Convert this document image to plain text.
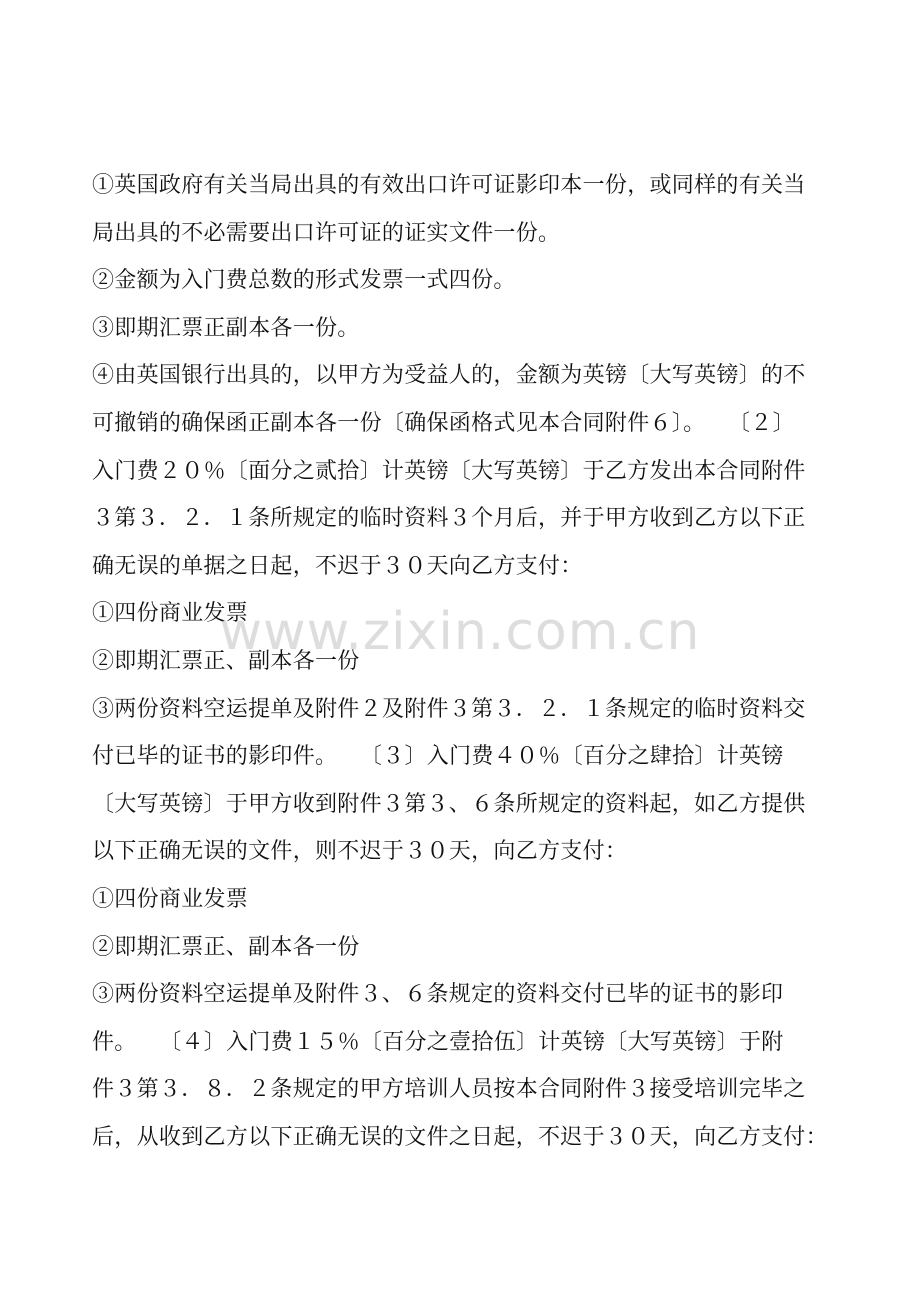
①英国政府有关当局出具的有效出口许可证影印本一份，或同样的有关当
局出具的不必需要出口许可证的证实文件一份。
②金额为入门费总数的形式发票一式四份。
③即期汇票正副本各一份。
④由英国银行出具的，以甲方为受益人的，金额为英镑〔大写英镑〕的不
可撤销的确保函正副本各一份〔确保函格式见本合同附件６〕。　　〔２〕
入门费２０％〔面分之贰拾〕计英镑〔大写英镑〕于乙方发出本合同附件
３第３．２．１条所规定的临时资料３个月后，并于甲方收到乙方以下正
确无误的单据之日起，不迟于３０天向乙方支付：
①四份商业发票
②即期汇票正、副本各一份
③两份资料空运提单及附件２及附件３第３．２．１条规定的临时资料交
付已毕的证书的影印件。　　〔３〕入门费４０％〔百分之肆拾〕计英镑
〔大写英镑〕于甲方收到附件３第３、６条所规定的资料起，如乙方提供
以下正确无误的文件，则不迟于３０天，向乙方支付：
①四份商业发票
②即期汇票正、副本各一份
③两份资料空运提单及附件３、６条规定的资料交付已毕的证书的影印
件。　　〔４〕入门费１５％〔百分之壹拾伍〕计英镑〔大写英镑〕于附
件３第３．８．２条规定的甲方培训人员按本合同附件３接受培训完毕之
后，从收到乙方以下正确无误的文件之日起，不迟于３０天，向乙方支付：
www.zixin.com.cn
